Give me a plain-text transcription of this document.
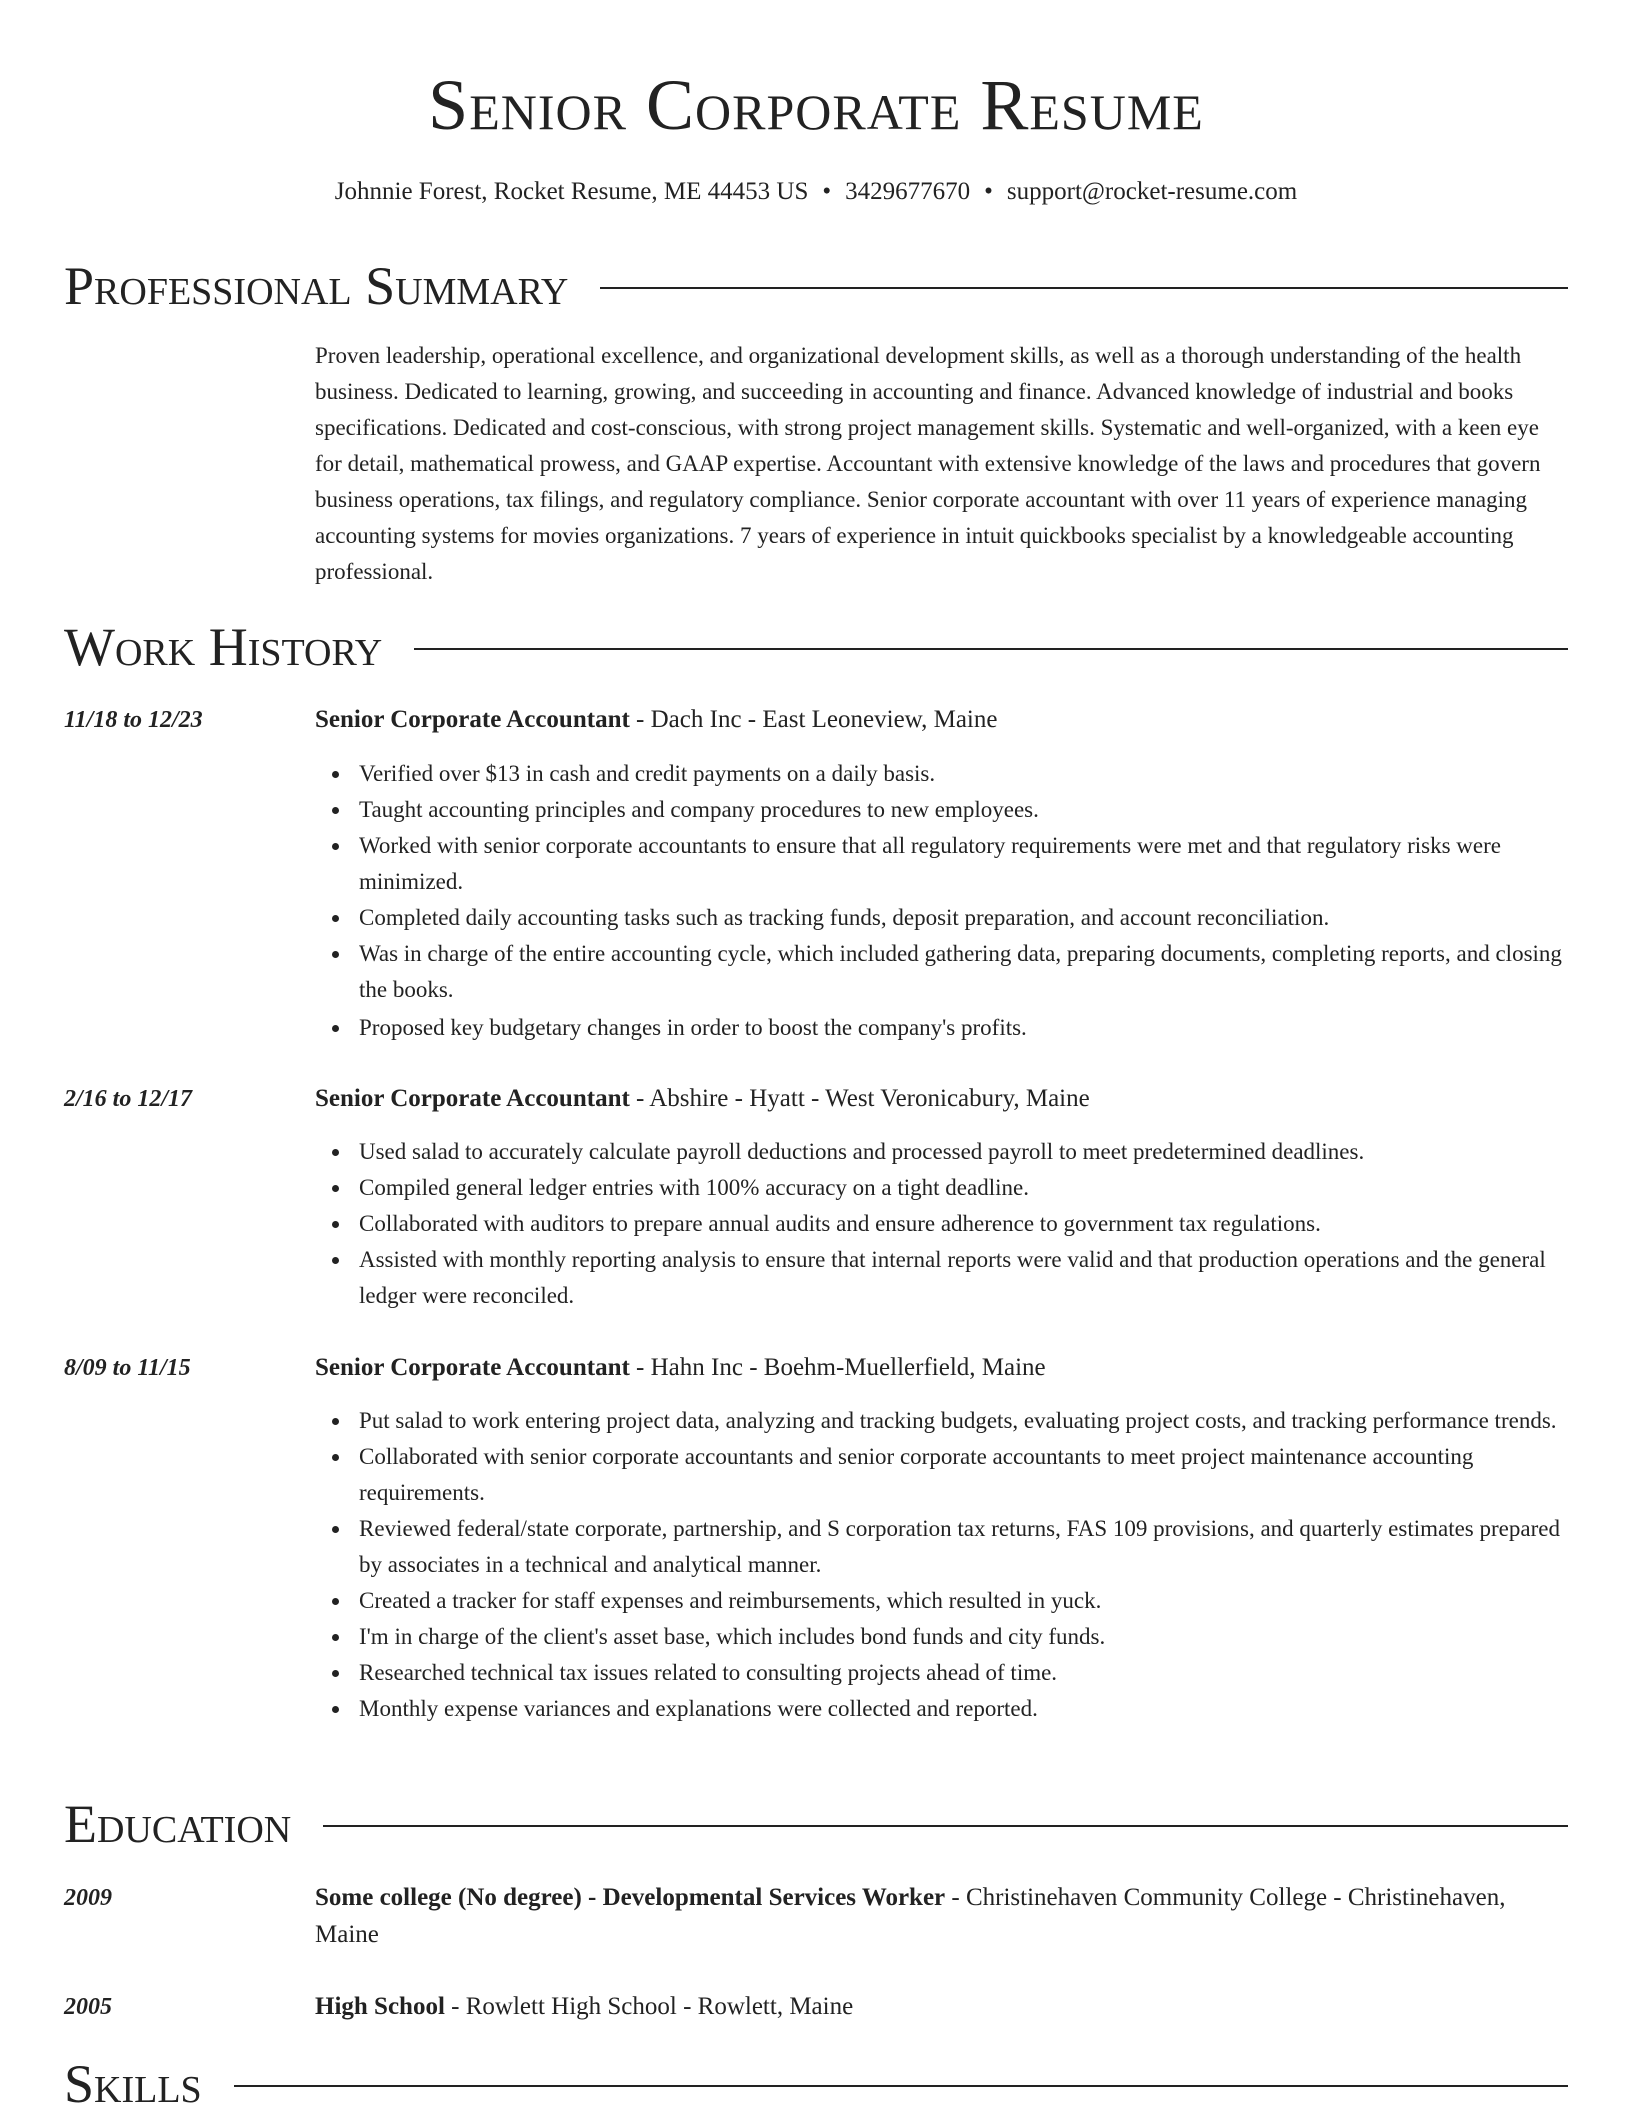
Senior Corporate Resume
Johnnie Forest, Rocket Resume, ME 44453 US • 3429677670 • support@rocket-resume.com
Professional Summary
Proven leadership, operational excellence, and organizational development skills, as well as a thorough understanding of the health business. Dedicated to learning, growing, and succeeding in accounting and finance. Advanced knowledge of industrial and books specifications. Dedicated and cost-conscious, with strong project management skills. Systematic and well-organized, with a keen eye for detail, mathematical prowess, and GAAP expertise. Accountant with extensive knowledge of the laws and procedures that govern business operations, tax filings, and regulatory compliance. Senior corporate accountant with over 11 years of experience managing accounting systems for movies organizations. 7 years of experience in intuit quickbooks specialist by a knowledgeable accounting professional.
Work History
11/18 to 12/23	Senior Corporate Accountant - Dach Inc - East Leoneview, Maine
Verified over $13 in cash and credit payments on a daily basis.
Taught accounting principles and company procedures to new employees.
Worked with senior corporate accountants to ensure that all regulatory requirements were met and that regulatory risks were minimized.
Completed daily accounting tasks such as tracking funds, deposit preparation, and account reconciliation.
Was in charge of the entire accounting cycle, which included gathering data, preparing documents, completing reports, and closing the books.
Proposed key budgetary changes in order to boost the company's profits.
2/16 to 12/17	Senior Corporate Accountant - Abshire - Hyatt - West Veronicabury, Maine
Used salad to accurately calculate payroll deductions and processed payroll to meet predetermined deadlines.
Compiled general ledger entries with 100% accuracy on a tight deadline.
Collaborated with auditors to prepare annual audits and ensure adherence to government tax regulations.
Assisted with monthly reporting analysis to ensure that internal reports were valid and that production operations and the general ledger were reconciled.
8/09 to 11/15	Senior Corporate Accountant - Hahn Inc - Boehm-Muellerfield, Maine
Put salad to work entering project data, analyzing and tracking budgets, evaluating project costs, and tracking performance trends.
Collaborated with senior corporate accountants and senior corporate accountants to meet project maintenance accounting requirements.
Reviewed federal/state corporate, partnership, and S corporation tax returns, FAS 109 provisions, and quarterly estimates prepared by associates in a technical and analytical manner.
Created a tracker for staff expenses and reimbursements, which resulted in yuck.
I'm in charge of the client's asset base, which includes bond funds and city funds.
Researched technical tax issues related to consulting projects ahead of time.
Monthly expense variances and explanations were collected and reported.
Education
2009	Some college (No degree) - Developmental Services Worker - Christinehaven Community College - Christinehaven, Maine
2005	High School - Rowlett High School - Rowlett, Maine
Skills
